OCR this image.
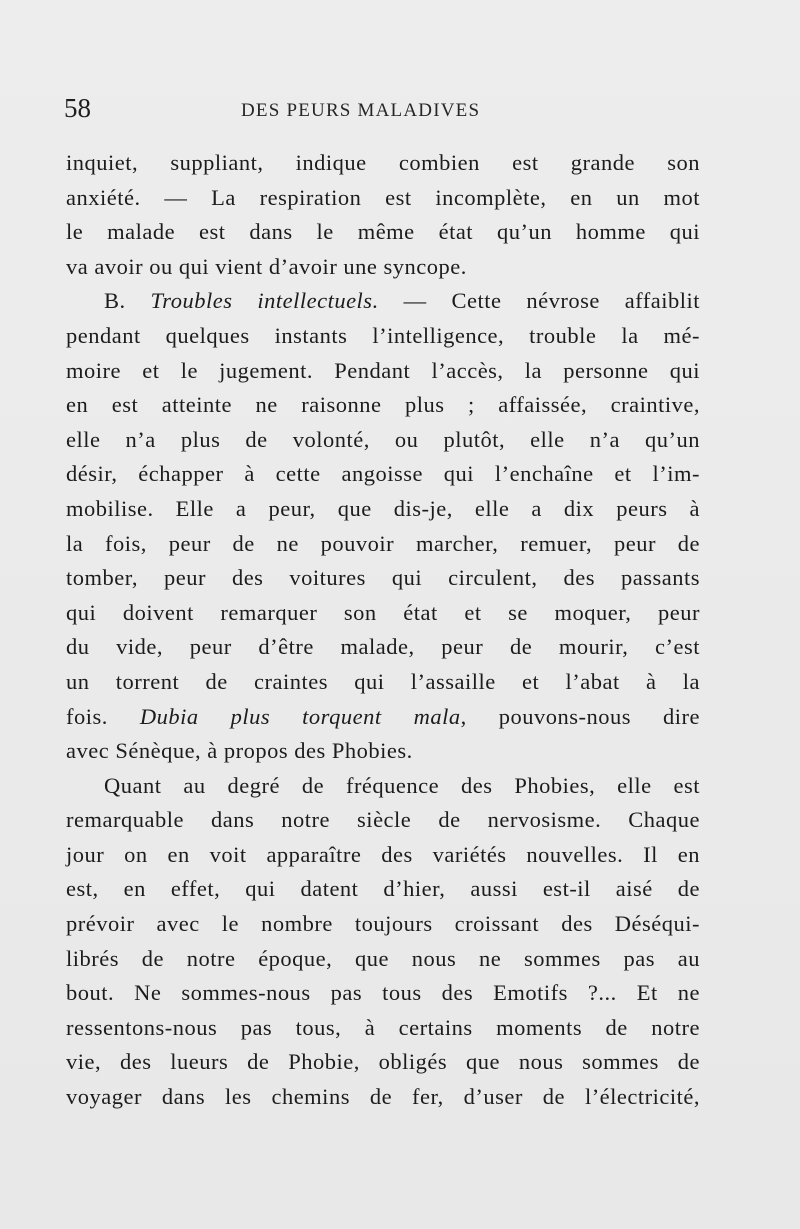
58	DES PEURS MALADIVES
inquiet, suppliant, indique combien est grande son
anxiété. — La respiration est incomplète, en un mot
le malade est dans le même état qu’un homme qui
va avoir ou qui vient d’avoir une syncope.
B. Troubles intellectuels. — Cette névrose affaiblit
pendant quelques instants l’intelligence, trouble la mé-
moire et le jugement. Pendant l’accès, la personne qui
en est atteinte ne raisonne plus ; affaissée, craintive,
elle n’a plus de volonté, ou plutôt, elle n’a qu’un
désir, échapper à cette angoisse qui l’enchaîne et l’im-
mobilise. Elle a peur, que dis-je, elle a dix peurs à
la fois, peur de ne pouvoir marcher, remuer, peur de
tomber, peur des voitures qui circulent, des passants
qui doivent remarquer son état et se moquer, peur
du vide, peur d’être malade, peur de mourir, c’est
un torrent de craintes qui l’assaille et l’abat à la
fois. Dubia plus torquent mala, pouvons-nous dire
avec Sénèque, à propos des Phobies.
Quant au degré de fréquence des Phobies, elle est
remarquable dans notre siècle de nervosisme. Chaque
jour on en voit apparaître des variétés nouvelles. Il en
est, en effet, qui datent d’hier, aussi est-il aisé de
prévoir avec le nombre toujours croissant des Déséqui-
librés de notre époque, que nous ne sommes pas au
bout. Ne sommes-nous pas tous des Emotifs ?... Et ne
ressentons-nous pas tous, à certains moments de notre
vie, des lueurs de Phobie, obligés que nous sommes de
voyager dans les chemins de fer, d’user de l’électricité,
